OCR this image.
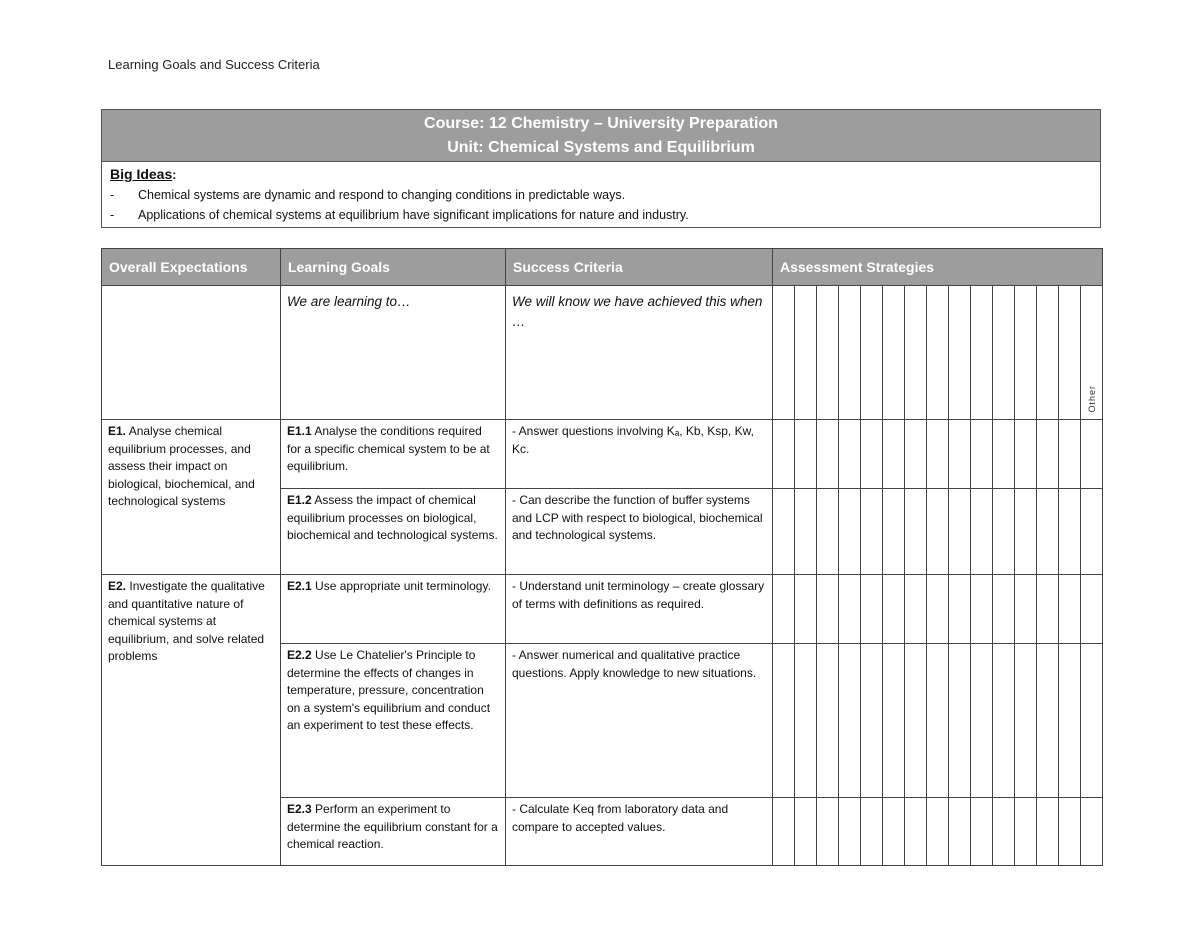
Learning Goals and Success Criteria
Course: 12 Chemistry – University Preparation
Unit: Chemical Systems and Equilibrium
Big Ideas:
-	Chemical systems are dynamic and respond to changing conditions in predictable ways.
-	Applications of chemical systems at equilibrium have significant implications for nature and industry.
Overall Expectations	Learning Goals	Success Criteria	Assessment Strategies														
	We are learning to…	We will know we have achieved this when …															Other

E1. Analyse chemical equilibrium processes, and assess their impact on biological, biochemical, and technological systems	E1.1 Analyse the conditions required for a specific chemical system to be at equilibrium.	- Answer questions involving Kₐ, Kb, Ksp, Kw, Kc.															
	E1.2 Assess the impact of chemical equilibrium processes on biological, biochemical and technological systems.	- Can describe the function of buffer systems and LCP with respect to biological, biochemical and technological systems.															
E2. Investigate the qualitative and quantitative nature of chemical systems at equilibrium, and solve related problems	E2.1 Use appropriate unit terminology.	- Understand unit terminology – create glossary of terms with definitions as required.															
	E2.2 Use Le Chatelier's Principle to determine the effects of changes in temperature, pressure, concentration on a system's equilibrium and conduct an experiment to test these effects.	- Answer numerical and qualitative practice questions. Apply knowledge to new situations.															
	E2.3 Perform an experiment to determine the equilibrium constant for a chemical reaction.	- Calculate Keq from laboratory data and compare to accepted values.															
